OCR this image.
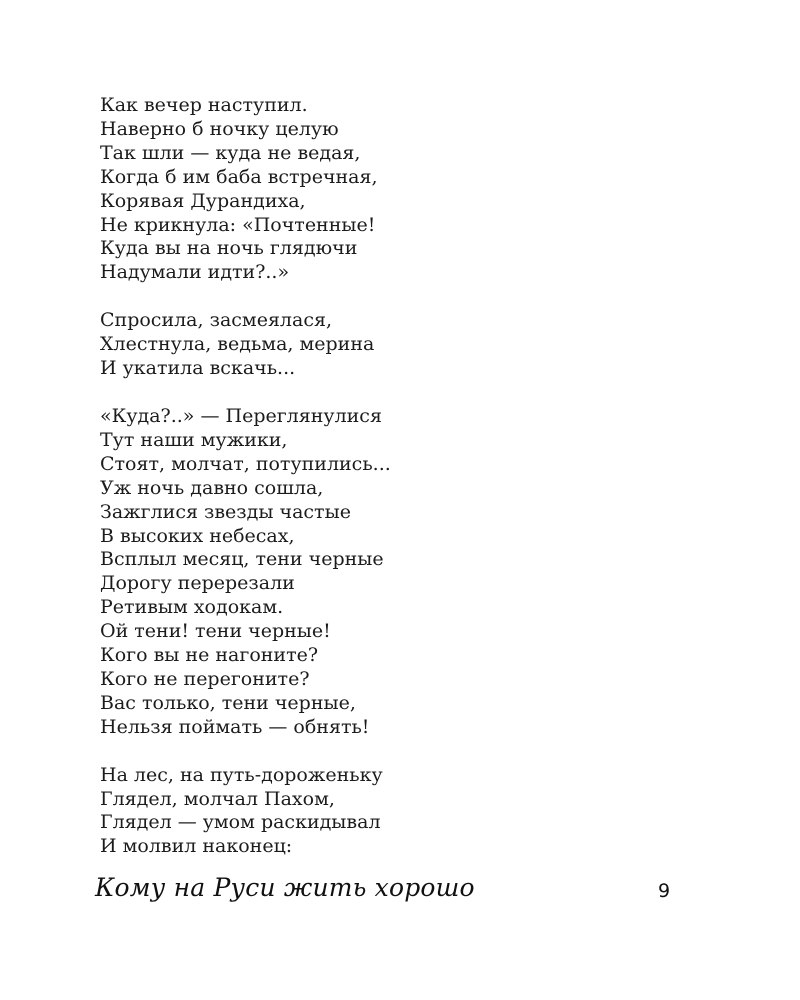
Как вечер наступил.
Наверно б ночку целую
Так шли — куда не ведая,
Когда б им баба встречная,
Корявая Дурандиха,
Не крикнула: «Почтенные!
Куда вы на ночь глядючи
Надумали идти?..»
Спросила, засмеялася,
Хлестнула, ведьма, мерина
И укатила вскачь...
«Куда?..» — Переглянулися
Тут наши мужики,
Стоят, молчат, потупились...
Уж ночь давно сошла,
Зажглися звезды частые
В высоких небесах,
Всплыл месяц, тени черные
Дорогу перерезали
Ретивым ходокам.
Ой тени! тени черные!
Кого вы не нагоните?
Кого не перегоните?
Вас только, тени черные,
Нельзя поймать — обнять!
На лес, на путь-дороженьку
Глядел, молчал Пахом,
Глядел — умом раскидывал
И молвил наконец:
Кому на Руси жить хорошо	9
